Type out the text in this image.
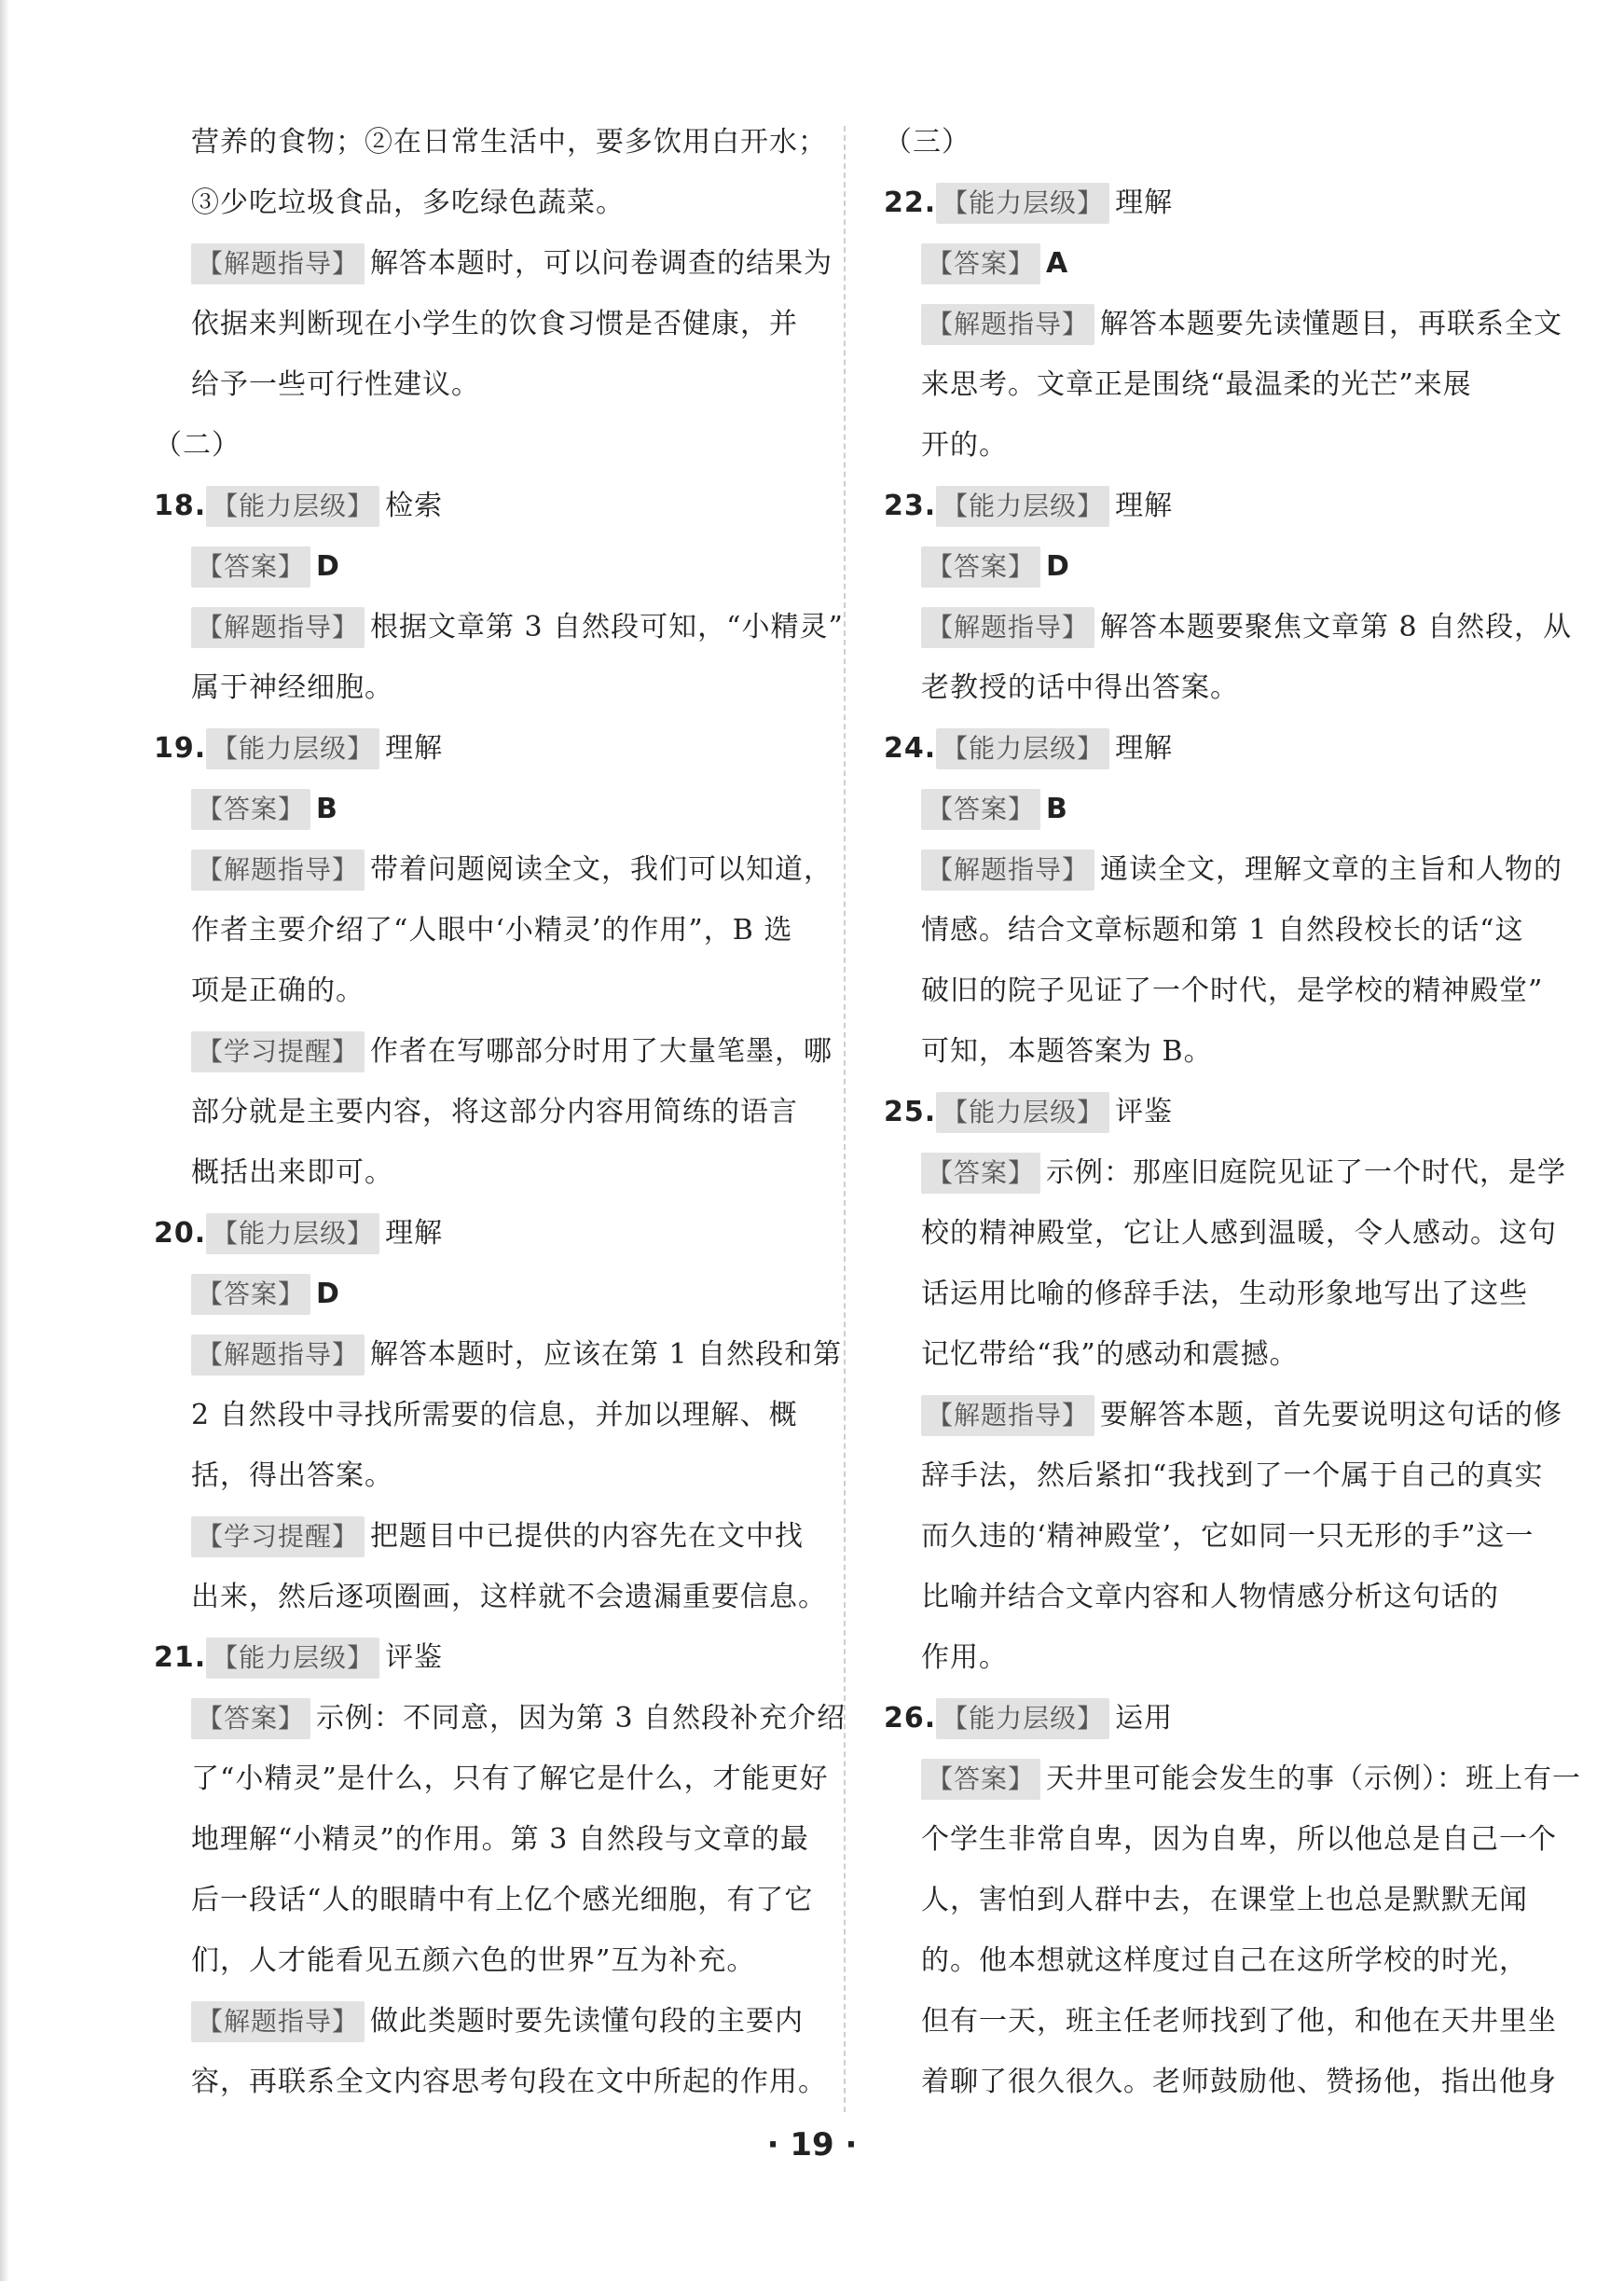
营养的食物；②在日常生活中，要多饮用白开水；
③少吃垃圾食品，多吃绿色蔬菜。
【解题指导】 解答本题时，可以问卷调查的结果为
依据来判断现在小学生的饮食习惯是否健康，并
给予一些可行性建议。
（二）
18. 【能力层级】 检索
【答案】 D
【解题指导】 根据文章第 3 自然段可知，“小精灵”
属于神经细胞。
19. 【能力层级】 理解
【答案】 B
【解题指导】 带着问题阅读全文，我们可以知道，
作者主要介绍了“人眼中‘小精灵’的作用”，B 选
项是正确的。
【学习提醒】 作者在写哪部分时用了大量笔墨，哪
部分就是主要内容，将这部分内容用简练的语言
概括出来即可。
20. 【能力层级】 理解
【答案】 D
【解题指导】 解答本题时，应该在第 1 自然段和第
2 自然段中寻找所需要的信息，并加以理解、概
括，得出答案。
【学习提醒】 把题目中已提供的内容先在文中找
出来，然后逐项圈画，这样就不会遗漏重要信息。
21. 【能力层级】 评鉴
【答案】 示例：不同意，因为第 3 自然段补充介绍
了“小精灵”是什么，只有了解它是什么，才能更好
地理解“小精灵”的作用。第 3 自然段与文章的最
后一段话“人的眼睛中有上亿个感光细胞，有了它
们，人才能看见五颜六色的世界”互为补充。
【解题指导】 做此类题时要先读懂句段的主要内
容，再联系全文内容思考句段在文中所起的作用。
（三）
22. 【能力层级】 理解
【答案】 A
【解题指导】 解答本题要先读懂题目，再联系全文
来思考。文章正是围绕“最温柔的光芒”来展
开的。
23. 【能力层级】 理解
【答案】 D
【解题指导】 解答本题要聚焦文章第 8 自然段，从
老教授的话中得出答案。
24. 【能力层级】 理解
【答案】 B
【解题指导】 通读全文，理解文章的主旨和人物的
情感。结合文章标题和第 1 自然段校长的话“这
破旧的院子见证了一个时代，是学校的精神殿堂”
可知，本题答案为 B。
25. 【能力层级】 评鉴
【答案】 示例：那座旧庭院见证了一个时代，是学
校的精神殿堂，它让人感到温暖，令人感动。这句
话运用比喻的修辞手法，生动形象地写出了这些
记忆带给“我”的感动和震撼。
【解题指导】 要解答本题，首先要说明这句话的修
辞手法，然后紧扣“我找到了一个属于自己的真实
而久违的‘精神殿堂’，它如同一只无形的手”这一
比喻并结合文章内容和人物情感分析这句话的
作用。
26. 【能力层级】 运用
【答案】 天井里可能会发生的事（示例）：班上有一
个学生非常自卑，因为自卑，所以他总是自己一个
人，害怕到人群中去，在课堂上也总是默默无闻
的。他本想就这样度过自己在这所学校的时光，
但有一天，班主任老师找到了他，和他在天井里坐
着聊了很久很久。老师鼓励他、赞扬他，指出他身
· 19 ·
